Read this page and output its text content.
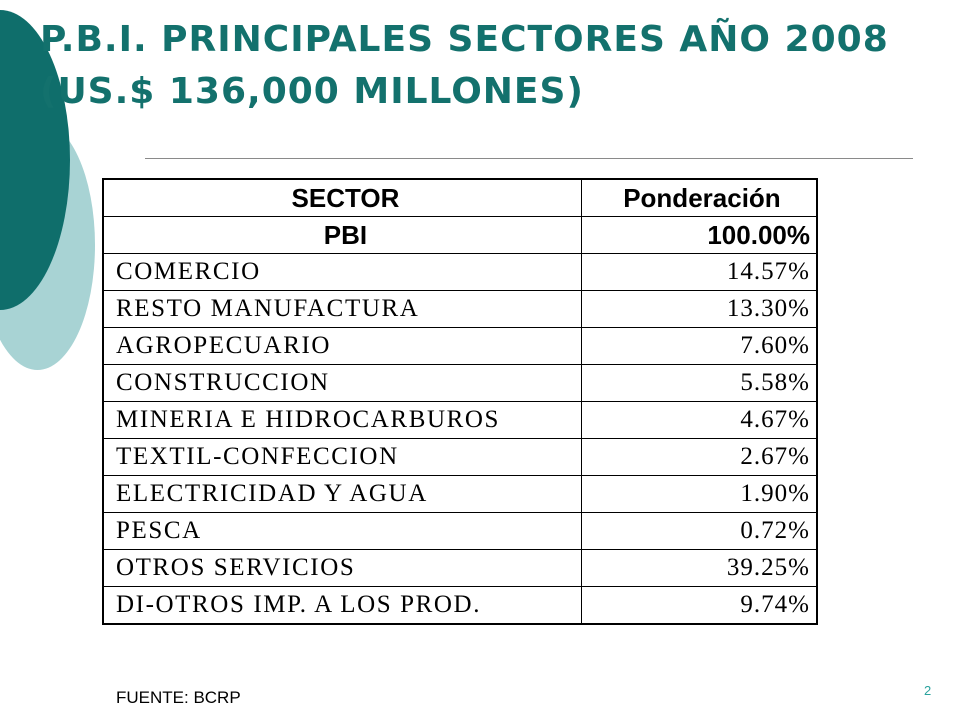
P.B.I. PRINCIPALES SECTORES AÑO 2008
(US.$ 136,000 MILLONES)
SECTOR	Ponderación
PBI	100.00%
COMERCIO	14.57%
RESTO MANUFACTURA	13.30%
AGROPECUARIO	7.60%
CONSTRUCCION	5.58%
MINERIA E HIDROCARBUROS	4.67%
TEXTIL-CONFECCION	2.67%
ELECTRICIDAD Y AGUA	1.90%
PESCA	0.72%
OTROS SERVICIOS	39.25%
DI-OTROS IMP. A LOS PROD.	9.74%
FUENTE: BCRP	2
